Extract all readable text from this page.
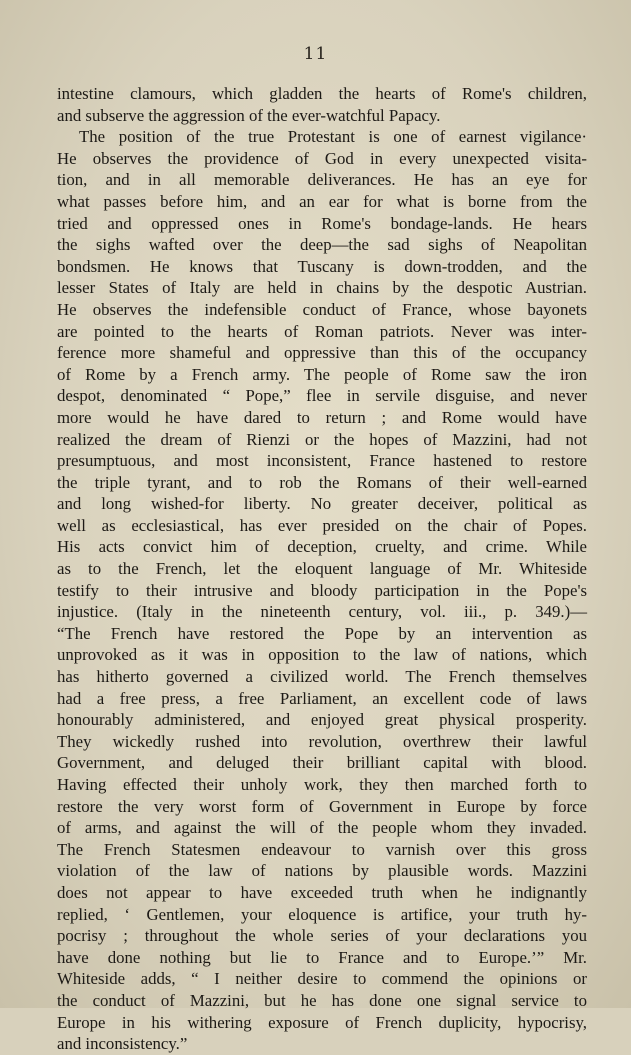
11
intestine clamours, which gladden the hearts of Rome's children,
and subserve the aggression of the ever-watchful Papacy.
The position of the true Protestant is one of earnest vigilance·
He observes the providence of God in every unexpected visita-
tion, and in all memorable deliverances. He has an eye for
what passes before him, and an ear for what is borne from the
tried and oppressed ones in Rome's bondage-lands. He hears
the sighs wafted over the deep—the sad sighs of Neapolitan
bondsmen. He knows that Tuscany is down-trodden, and the
lesser States of Italy are held in chains by the despotic Austrian.
He observes the indefensible conduct of France, whose bayonets
are pointed to the hearts of Roman patriots. Never was inter-
ference more shameful and oppressive than this of the occupancy
of Rome by a French army. The people of Rome saw the iron
despot, denominated “ Pope,” flee in servile disguise, and never
more would he have dared to return ; and Rome would have
realized the dream of Rienzi or the hopes of Mazzini, had not
presumptuous, and most inconsistent, France hastened to restore
the triple tyrant, and to rob the Romans of their well-earned
and long wished-for liberty. No greater deceiver, political as
well as ecclesiastical, has ever presided on the chair of Popes.
His acts convict him of deception, cruelty, and crime. While
as to the French, let the eloquent language of Mr. Whiteside
testify to their intrusive and bloody participation in the Pope's
injustice. (Italy in the nineteenth century, vol. iii., p. 349.)—
“The French have restored the Pope by an intervention as
unprovoked as it was in opposition to the law of nations, which
has hitherto governed a civilized world. The French themselves
had a free press, a free Parliament, an excellent code of laws
honourably administered, and enjoyed great physical prosperity.
They wickedly rushed into revolution, overthrew their lawful
Government, and deluged their brilliant capital with blood.
Having effected their unholy work, they then marched forth to
restore the very worst form of Government in Europe by force
of arms, and against the will of the people whom they invaded.
The French Statesmen endeavour to varnish over this gross
violation of the law of nations by plausible words. Mazzini
does not appear to have exceeded truth when he indignantly
replied, ‘ Gentlemen, your eloquence is artifice, your truth hy-
pocrisy ; throughout the whole series of your declarations you
have done nothing but lie to France and to Europe.’” Mr.
Whiteside adds, “ I neither desire to commend the opinions or
the conduct of Mazzini, but he has done one signal service to
Europe in his withering exposure of French duplicity, hypocrisy,
and inconsistency.”
